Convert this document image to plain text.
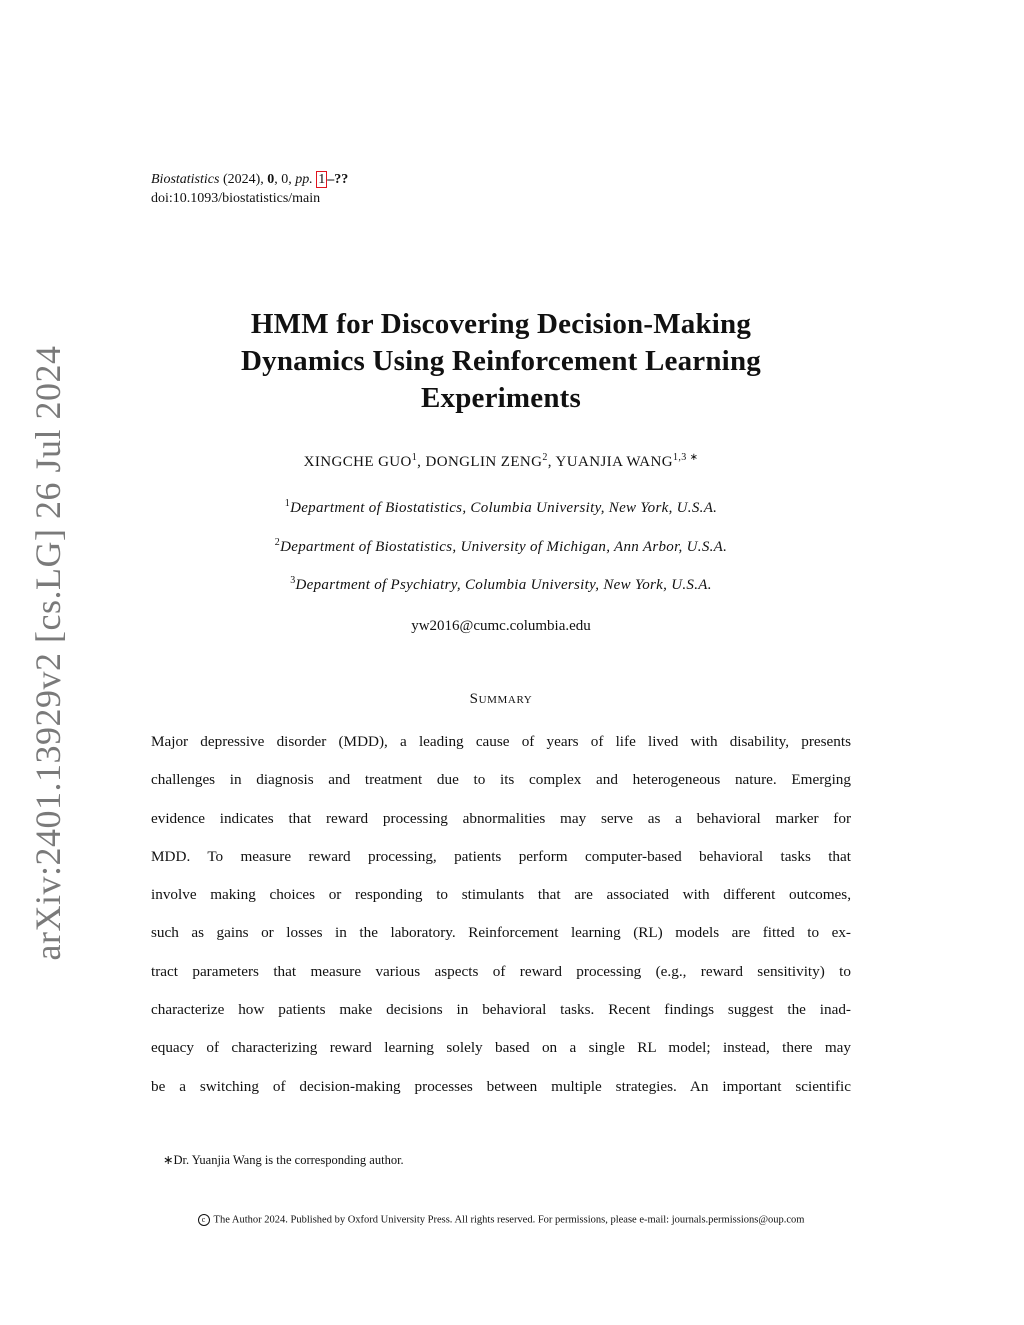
arXiv:2401.13929v2 [cs.LG] 26 Jul 2024
Biostatistics (2024), 0, 0, pp. 1 –??
doi:10.1093/biostatistics/main
HMM for Discovering Decision-Making
Dynamics Using Reinforcement Learning
Experiments
XINGCHE GUO$^1$, DONGLIN ZENG$^2$, YUANJIA WANG$^{1,3}$ ∗
$^1$Department of Biostatistics, Columbia University, New York, U.S.A.
$^2$Department of Biostatistics, University of Michigan, Ann Arbor, U.S.A.
$^3$Department of Psychiatry, Columbia University, New York, U.S.A.
yw2016@cumc.columbia.edu
Summary
Major depressive disorder (MDD), a leading cause of years of life lived with disability, presents
challenges in diagnosis and treatment due to its complex and heterogeneous nature. Emerging
evidence indicates that reward processing abnormalities may serve as a behavioral marker for
MDD. To measure reward processing, patients perform computer-based behavioral tasks that
involve making choices or responding to stimulants that are associated with different outcomes,
such as gains or losses in the laboratory. Reinforcement learning (RL) models are fitted to ex-
tract parameters that measure various aspects of reward processing (e.g., reward sensitivity) to
characterize how patients make decisions in behavioral tasks. Recent findings suggest the inad-
equacy of characterizing reward learning solely based on a single RL model; instead, there may
be a switching of decision-making processes between multiple strategies. An important scientific
∗Dr. Yuanjia Wang is the corresponding author.
c The Author 2024. Published by Oxford University Press. All rights reserved. For permissions, please e-mail: journals.permissions@oup.com
